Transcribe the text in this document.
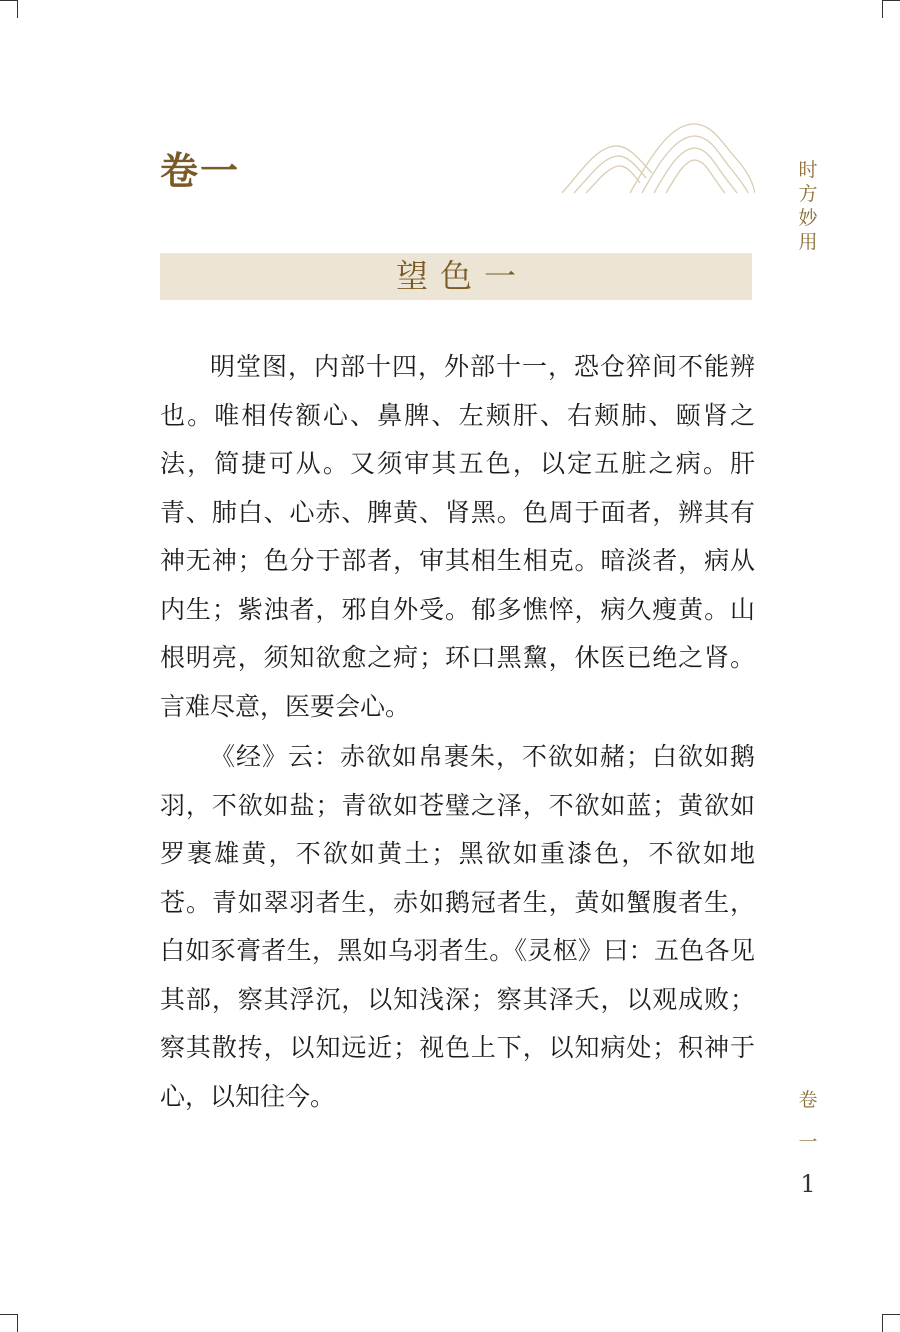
卷一	时方妙用
望色一

明堂图，内部十四，外部十一，恐仓猝间不能辨也。唯相传额心、鼻脾、左颊肝、右颊肺、颐肾之法，简捷可从。又须审其五色，以定五脏之病。肝青、肺白、心赤、脾黄、肾黑。色周于面者，辨其有神无神；色分于部者，审其相生相克。暗淡者，病从内生；紫浊者，邪自外受。郁多憔悴，病久瘦黄。山根明亮，须知欲愈之疴；环口黑黧，休医已绝之肾。言难尽意，医要会心。

《经》云：赤欲如帛裹朱，不欲如赭；白欲如鹅羽，不欲如盐；青欲如苍璧之泽，不欲如蓝；黄欲如罗裹雄黄，不欲如黄土；黑欲如重漆色，不欲如地苍。青如翠羽者生，赤如鹅冠者生，黄如蟹腹者生，白如豕膏者生，黑如乌羽者生。《灵枢》曰：五色各见其部，察其浮沉，以知浅深；察其泽夭，以观成败；察其散抟，以知远近；视色上下，以知病处；积神于心，以知往今。	卷
一
1
